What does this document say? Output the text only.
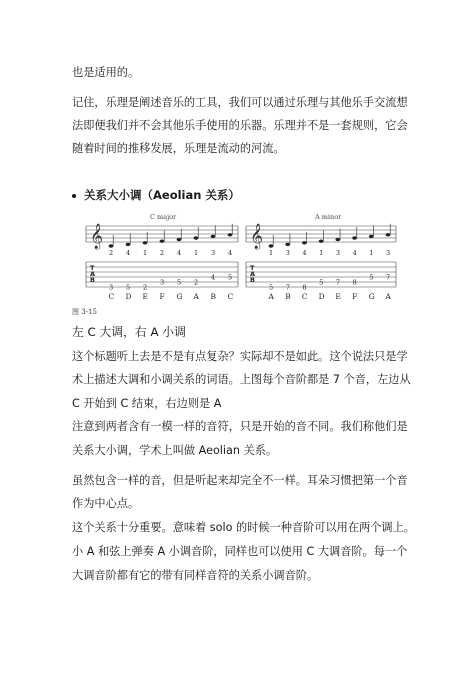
也是适用的。
记住，乐理是阐述音乐的工具，我们可以通过乐理与其他乐手交流想
法即便我们并不会其他乐手使用的乐器。乐理并不是一套规则，它会
随着时间的推移发展，乐理是流动的河流。
关系大小调（Aeolian 关系）
C major	A minor
𝄞
T
A
B
2
3
C
4
5
D
1
2
E
2
3
F
4
5
G
1
2
A
3
4
B
4
5
C
𝄞
T
A
B
1
5
A
3
7
B
4
8
C
1
5
D
3
7
E
4
8
F
1
5
G
3
7
A
图 3-15
左 C 大调，右 A 小调
这个标题听上去是不是有点复杂？实际却不是如此。这个说法只是学
术上描述大调和小调关系的词语。上图每个音阶都是 7 个音，左边从
C 开始到 C 结束，右边则是 A
注意到两者含有一模一样的音符，只是开始的音不同。我们称他们是
关系大小调，学术上叫做 Aeolian 关系。
虽然包含一样的音，但是听起来却完全不一样。耳朵习惯把第一个音
作为中心点。
这个关系十分重要。意味着 solo 的时候一种音阶可以用在两个调上。
小 A 和弦上弹奏 A 小调音阶，同样也可以使用 C 大调音阶。每一个
大调音阶都有它的带有同样音符的关系小调音阶。
